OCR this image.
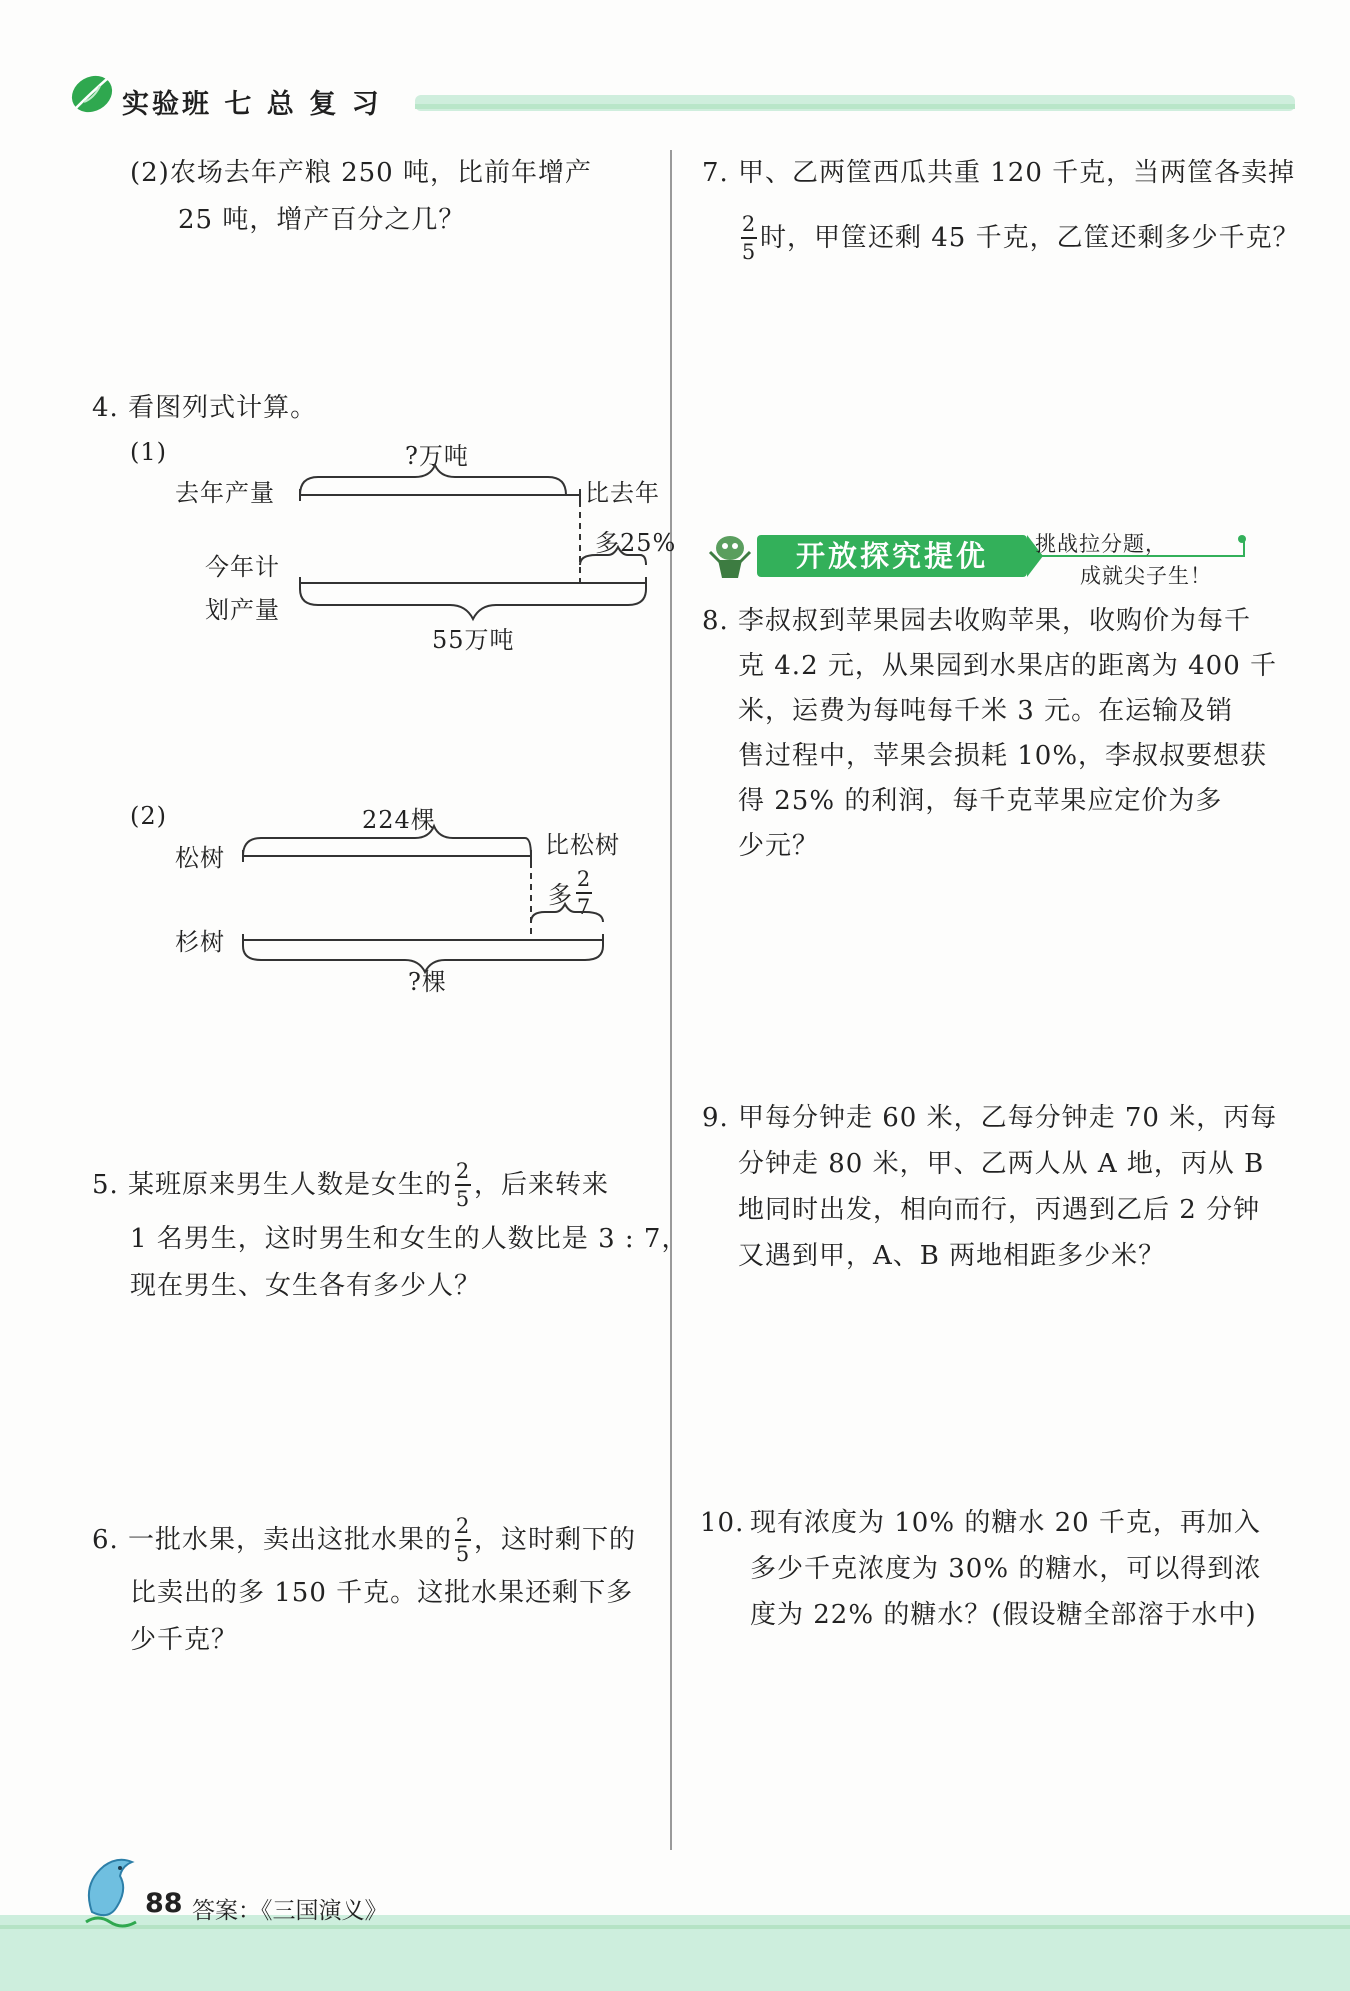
实验班 七 总 复 习
(2)农场去年产粮 250 吨，比前年增产
25 吨，增产百分之几？
4. 看图列式计算。
(1)	?万吨
去年产量	比去年
多25%
今年计
划产量
55万吨
(2)	224棵
松树	比松树
多 $\frac{2}{7}$
杉树
?棵
5. 某班原来男生人数是女生的 $\frac{2}{5}$ ，后来转来
1 名男生，这时男生和女生的人数比是 3 : 7，
现在男生、女生各有多少人？
6. 一批水果，卖出这批水果的 $\frac{2}{5}$ ，这时剩下的
比卖出的多 150 千克。这批水果还剩下多
少千克？
7. 甲、乙两筐西瓜共重 120 千克，当两筐各卖掉
$\frac{2}{5}$ 时，甲筐还剩 45 千克，乙筐还剩多少千克？
开放探究提优	挑战拉分题，
成就尖子生！
8. 李叔叔到苹果园去收购苹果，收购价为每千
克 4.2 元，从果园到水果店的距离为 400 千
米，运费为每吨每千米 3 元。在运输及销
售过程中，苹果会损耗 10%，李叔叔要想获
得 25% 的利润，每千克苹果应定价为多
少元？
9. 甲每分钟走 60 米，乙每分钟走 70 米，丙每
分钟走 80 米，甲、乙两人从 A 地，丙从 B
地同时出发，相向而行，丙遇到乙后 2 分钟
又遇到甲，A、B 两地相距多少米？
10. 现有浓度为 10% 的糖水 20 千克，再加入
多少千克浓度为 30% 的糖水，可以得到浓
度为 22% 的糖水？(假设糖全部溶于水中)
88 答案：《三国演义》
